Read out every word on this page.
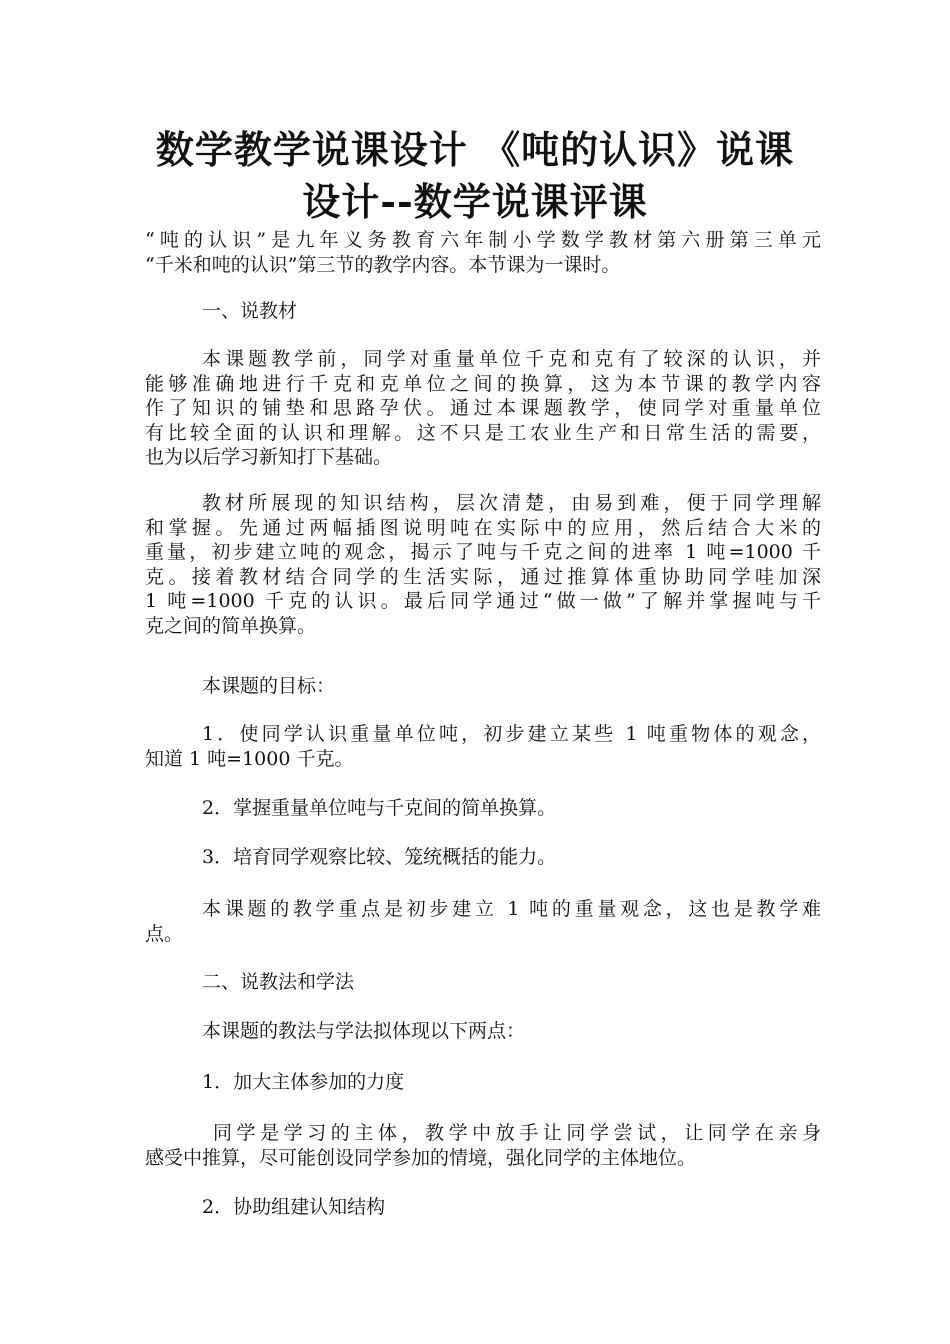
数学教学说课设计 《吨的认识》说课
设计--数学说课评课
“吨的认识”是九年义务教育六年制小学数学教材第六册第三单元
“千米和吨的认识”第三节的教学内容。本节课为一课时。
一、说教材
本课题教学前，同学对重量单位千克和克有了较深的认识，并
能够准确地进行千克和克单位之间的换算，这为本节课的教学内容
作了知识的铺垫和思路孕伏。通过本课题教学，使同学对重量单位
有比较全面的认识和理解。这不只是工农业生产和日常生活的需要，
也为以后学习新知打下基础。
教材所展现的知识结构，层次清楚，由易到难，便于同学理解
和掌握。先通过两幅插图说明吨在实际中的应用，然后结合大米的
重量，初步建立吨的观念，揭示了吨与千克之间的进率 1 吨=1000 千
克。接着教材结合同学的生活实际，通过推算体重协助同学哇加深
1 吨=1000 千克的认识。最后同学通过“做一做”了解并掌握吨与千
克之间的简单换算。
本课题的目标：
1．使同学认识重量单位吨，初步建立某些 1 吨重物体的观念，
知道 1 吨=1000 千克。
2．掌握重量单位吨与千克间的简单换算。
3．培育同学观察比较、笼统概括的能力。
本课题的教学重点是初步建立 1 吨的重量观念，这也是教学难
点。
二、说教法和学法
本课题的教法与学法拟体现以下两点：
1．加大主体参加的力度
同学是学习的主体，教学中放手让同学尝试，让同学在亲身
感受中推算，尽可能创设同学参加的情境，强化同学的主体地位。
2．协助组建认知结构
